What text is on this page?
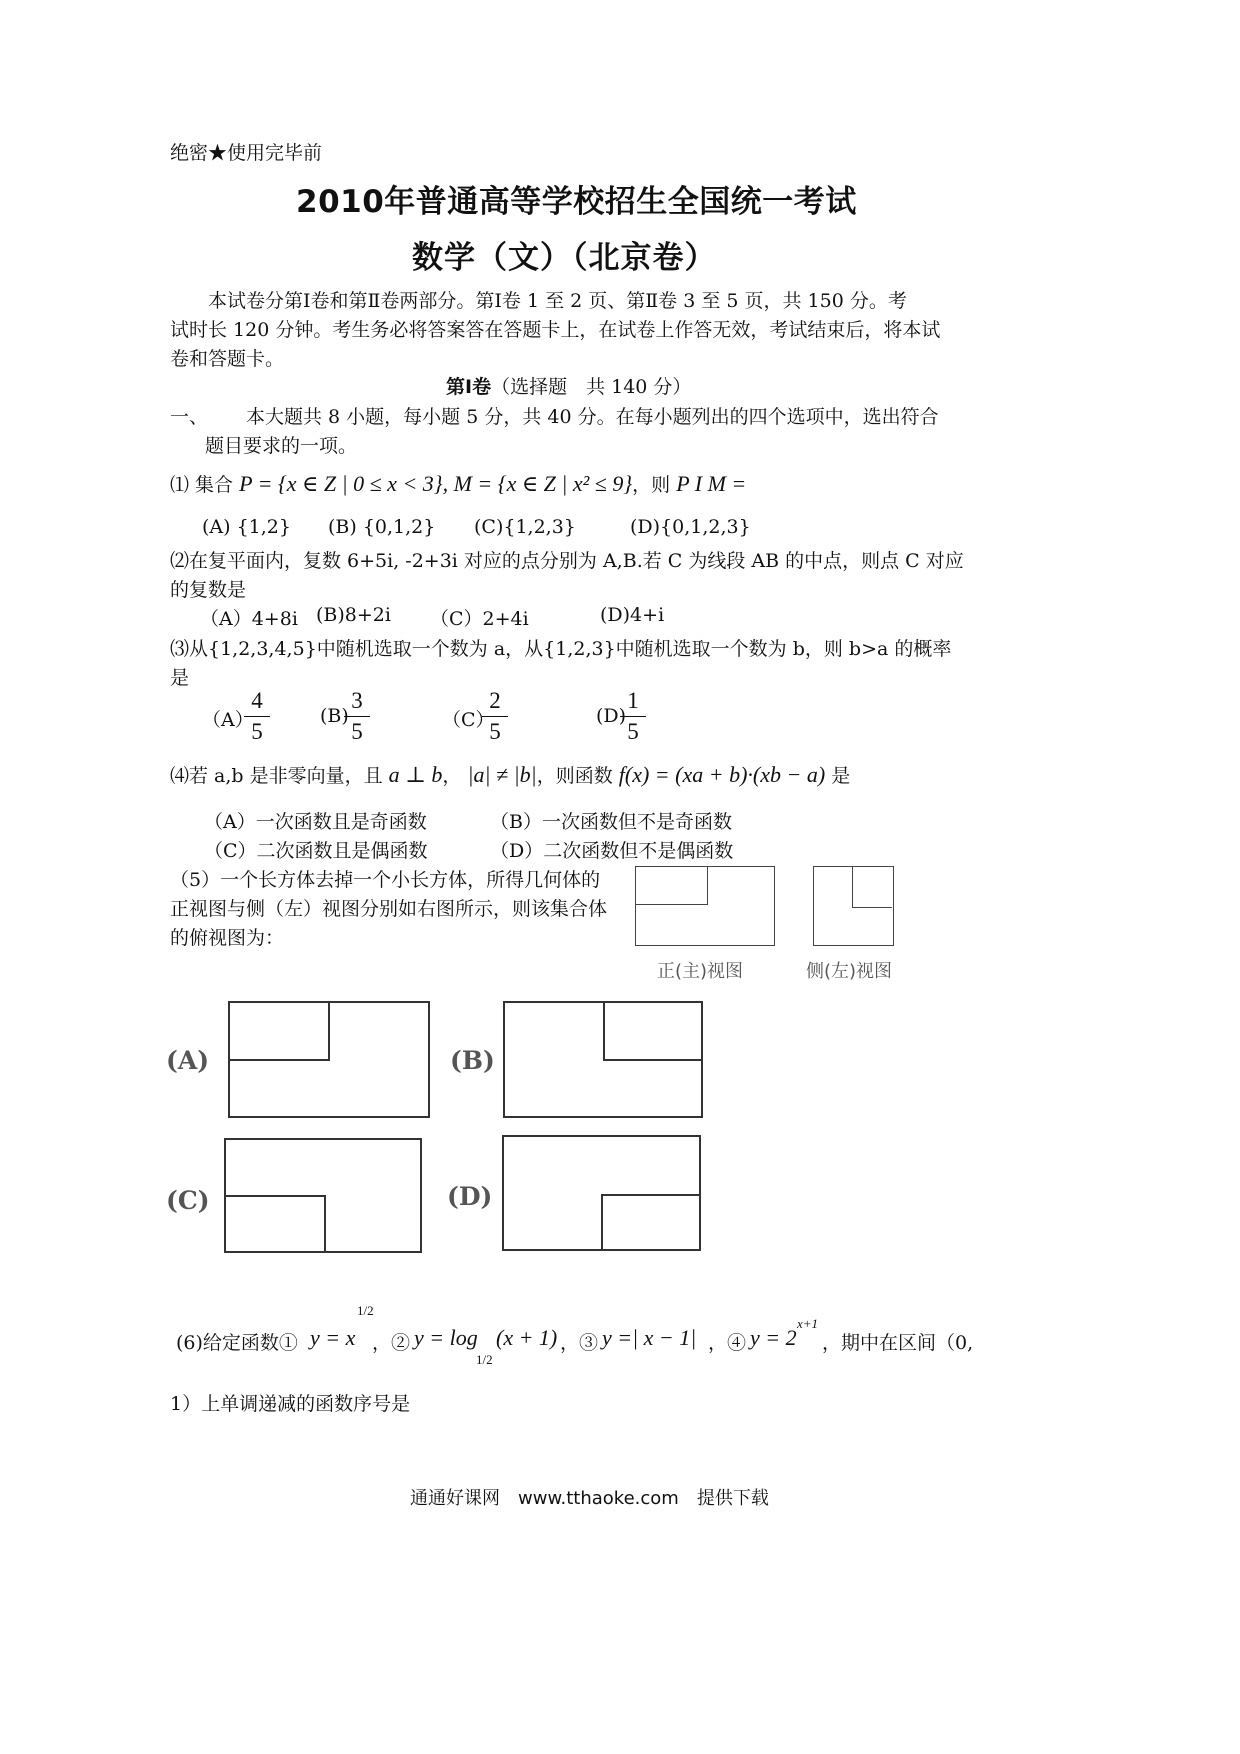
绝密★使用完毕前
2010年普通高等学校招生全国统一考试
数学（文）（北京卷）
本试卷分第Ⅰ卷和第Ⅱ卷两部分。第Ⅰ卷 1 至 2 页、第Ⅱ卷 3 至 5 页，共 150 分。考
试时长 120 分钟。考生务必将答案答在答题卡上，在试卷上作答无效，考试结束后，将本试
卷和答题卡。
第Ⅰ卷（选择题　共 140 分）
一、 本大题共 8 小题，每小题 5 分，共 40 分。在每小题列出的四个选项中，选出符合
题目要求的一项。
⑴ 集合 P = {x ∈ Z | 0 ≤ x < 3}, M = {x ∈ Z | x² ≤ 9}，则 P I M =
(A) {1,2} (B) {0,1,2} (C){1,2,3}	(D){0,1,2,3}
⑵在复平面内，复数 6+5i, -2+3i 对应的点分别为 A,B.若 C 为线段 AB 的中点，则点 C 对应
的复数是
（A）4+8i (B)8+2i （C）2+4i	(D)4+i
⑶从{1,2,3,4,5}中随机选取一个数为 a，从{1,2,3}中随机选取一个数为 b，则 b>a 的概率
是
（A）
4
5
(B)
3
5	（C）
2
5
(D)
1
5
⑷若 a,b 是非零向量，且 a ⊥ b， |a| ≠ |b|，则函数 f(x) = (xa + b)·(xb − a) 是
（A）一次函数且是奇函数	（B）一次函数但不是奇函数
（C）二次函数且是偶函数	（D）二次函数但不是偶函数
（5）一个长方体去掉一个小长方体，所得几何体的
正视图与侧（左）视图分别如右图所示，则该集合体
的俯视图为：
正(主)视图	侧(左)视图
(A)	(B)
(C)	(D)
(6)给定函数① y = x
1/2
，② y = log
1/2
(x + 1) ，③ y =| x − 1| ，④ y = 2
x+1
，期中在区间（0,
1）上单调递减的函数序号是
通通好课网　www.tthaoke.com　提供下载
